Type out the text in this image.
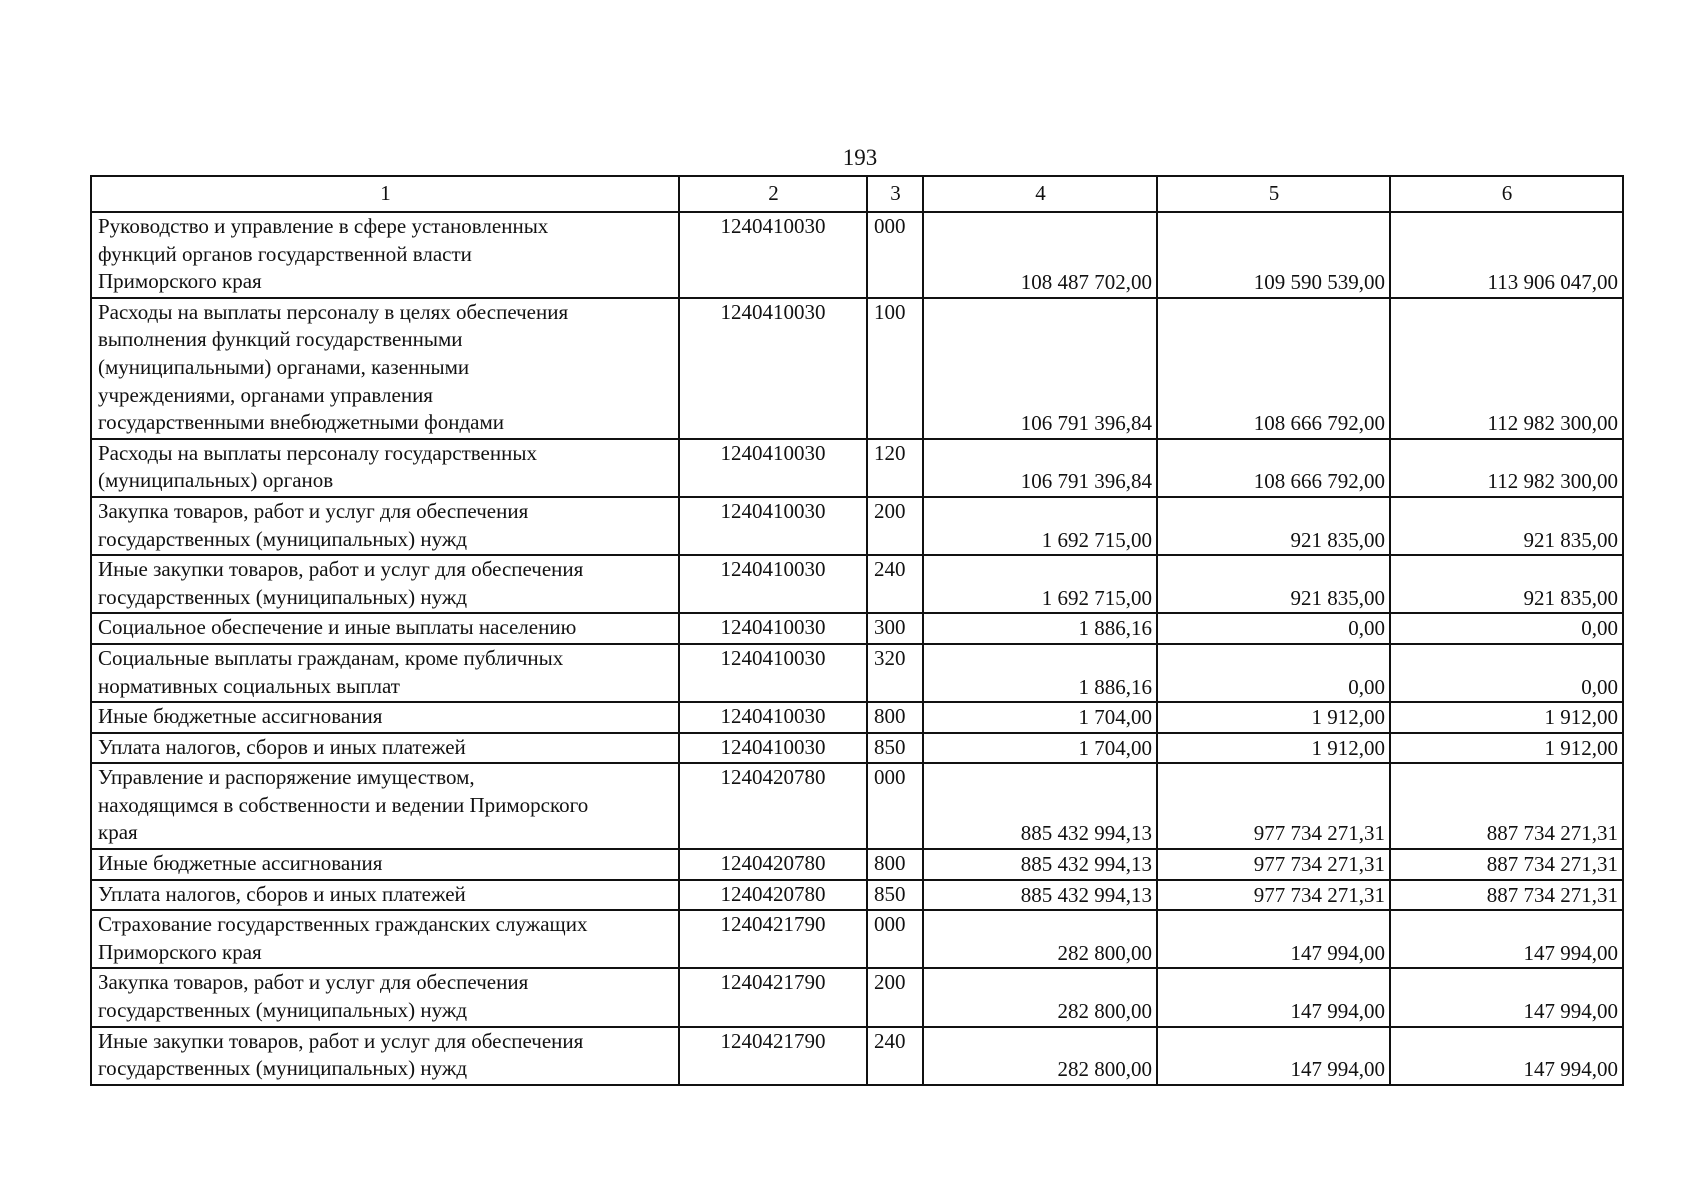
193
1	2	3	4	5	6

Руководство и управление в сфере установленных
функций органов государственной власти
Приморского края	1240410030	000	108 487 702,00	109 590 539,00	113 906 047,00

Расходы на выплаты персоналу в целях обеспечения
выполнения функций государственными
(муниципальными) органами, казенными
учреждениями, органами управления
государственными внебюджетными фондами	1240410030	100	106 791 396,84	108 666 792,00	112 982 300,00

Расходы на выплаты персоналу государственных
(муниципальных) органов	1240410030	120	106 791 396,84	108 666 792,00	112 982 300,00

Закупка товаров, работ и услуг для обеспечения
государственных (муниципальных) нужд	1240410030	200	1 692 715,00	921 835,00	921 835,00

Иные закупки товаров, работ и услуг для обеспечения
государственных (муниципальных) нужд	1240410030	240	1 692 715,00	921 835,00	921 835,00

Социальное обеспечение и иные выплаты населению	1240410030	300	1 886,16	0,00	0,00

Социальные выплаты гражданам, кроме публичных
нормативных социальных выплат	1240410030	320	1 886,16	0,00	0,00

Иные бюджетные ассигнования	1240410030	800	1 704,00	1 912,00	1 912,00

Уплата налогов, сборов и иных платежей	1240410030	850	1 704,00	1 912,00	1 912,00

Управление и распоряжение имуществом,
находящимся в собственности и ведении Приморского
края	1240420780	000	885 432 994,13	977 734 271,31	887 734 271,31

Иные бюджетные ассигнования	1240420780	800	885 432 994,13	977 734 271,31	887 734 271,31

Уплата налогов, сборов и иных платежей	1240420780	850	885 432 994,13	977 734 271,31	887 734 271,31

Страхование государственных гражданских служащих
Приморского края	1240421790	000	282 800,00	147 994,00	147 994,00

Закупка товаров, работ и услуг для обеспечения
государственных (муниципальных) нужд	1240421790	200	282 800,00	147 994,00	147 994,00

Иные закупки товаров, работ и услуг для обеспечения
государственных (муниципальных) нужд	1240421790	240	282 800,00	147 994,00	147 994,00
